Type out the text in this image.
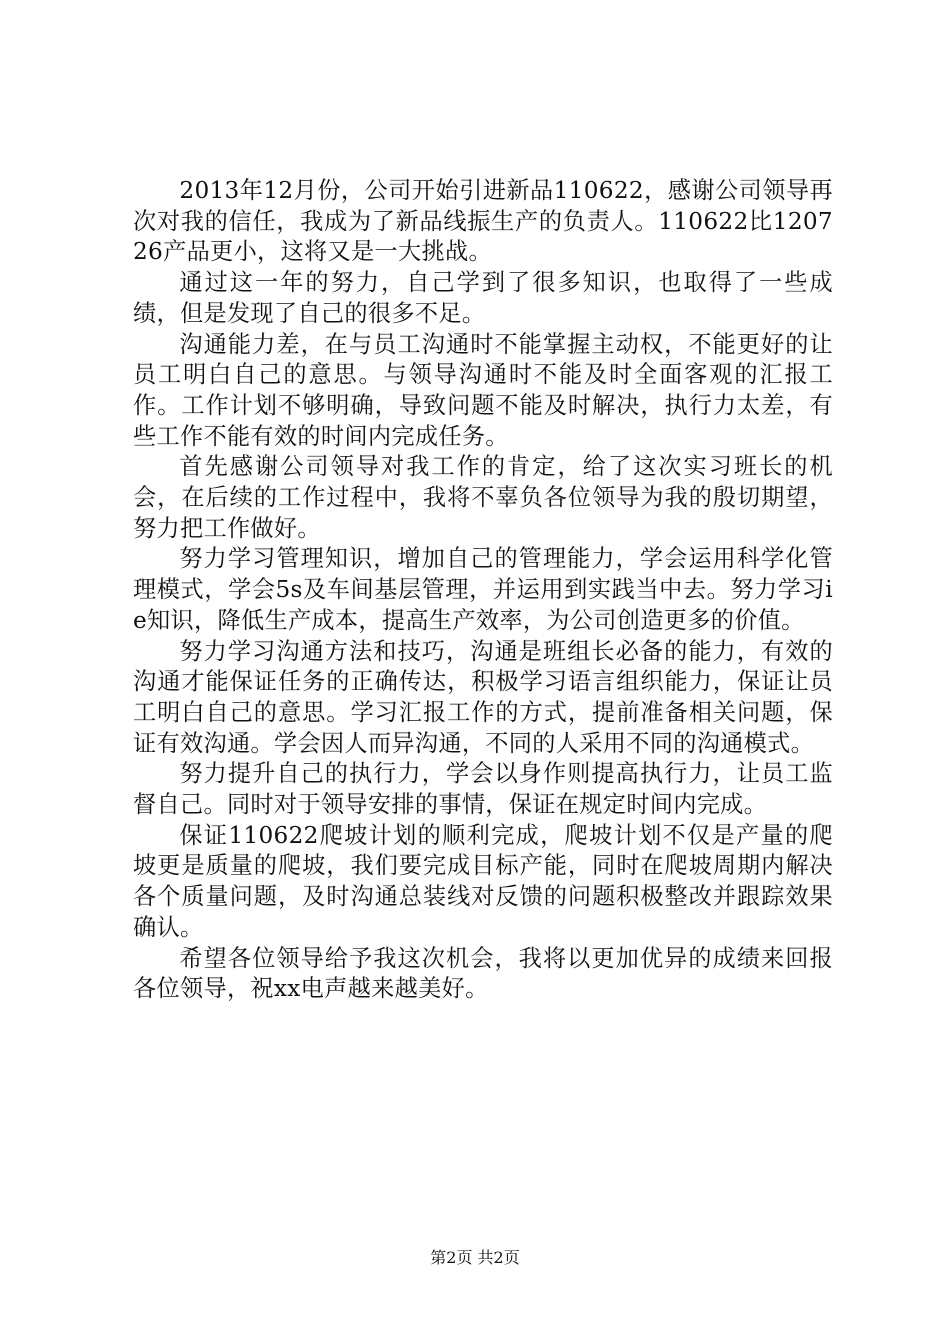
2013年12月份，公司开始引进新品110622，感谢公司领导再次对我的信任，我成为了新品线振生产的负责人。110622比120726产品更小，这将又是一大挑战。

通过这一年的努力，自己学到了很多知识，也取得了一些成绩，但是发现了自己的很多不足。

沟通能力差，在与员工沟通时不能掌握主动权，不能更好的让员工明白自己的意思。与领导沟通时不能及时全面客观的汇报工作。工作计划不够明确，导致问题不能及时解决，执行力太差，有些工作不能有效的时间内完成任务。

首先感谢公司领导对我工作的肯定，给了这次实习班长的机会，在后续的工作过程中，我将不辜负各位领导为我的殷切期望，努力把工作做好。

努力学习管理知识，增加自己的管理能力，学会运用科学化管理模式，学会5s及车间基层管理，并运用到实践当中去。努力学习ie知识，降低生产成本，提高生产效率，为公司创造更多的价值。

努力学习沟通方法和技巧，沟通是班组长必备的能力，有效的沟通才能保证任务的正确传达，积极学习语言组织能力，保证让员工明白自己的意思。学习汇报工作的方式，提前准备相关问题，保证有效沟通。学会因人而异沟通，不同的人采用不同的沟通模式。

努力提升自己的执行力，学会以身作则提高执行力，让员工监督自己。同时对于领导安排的事情，保证在规定时间内完成。

保证110622爬坡计划的顺利完成，爬坡计划不仅是产量的爬坡更是质量的爬坡，我们要完成目标产能，同时在爬坡周期内解决各个质量问题，及时沟通总装线对反馈的问题积极整改并跟踪效果确认。

希望各位领导给予我这次机会，我将以更加优异的成绩来回报各位领导，祝xx电声越来越美好。

第2页 共2页
